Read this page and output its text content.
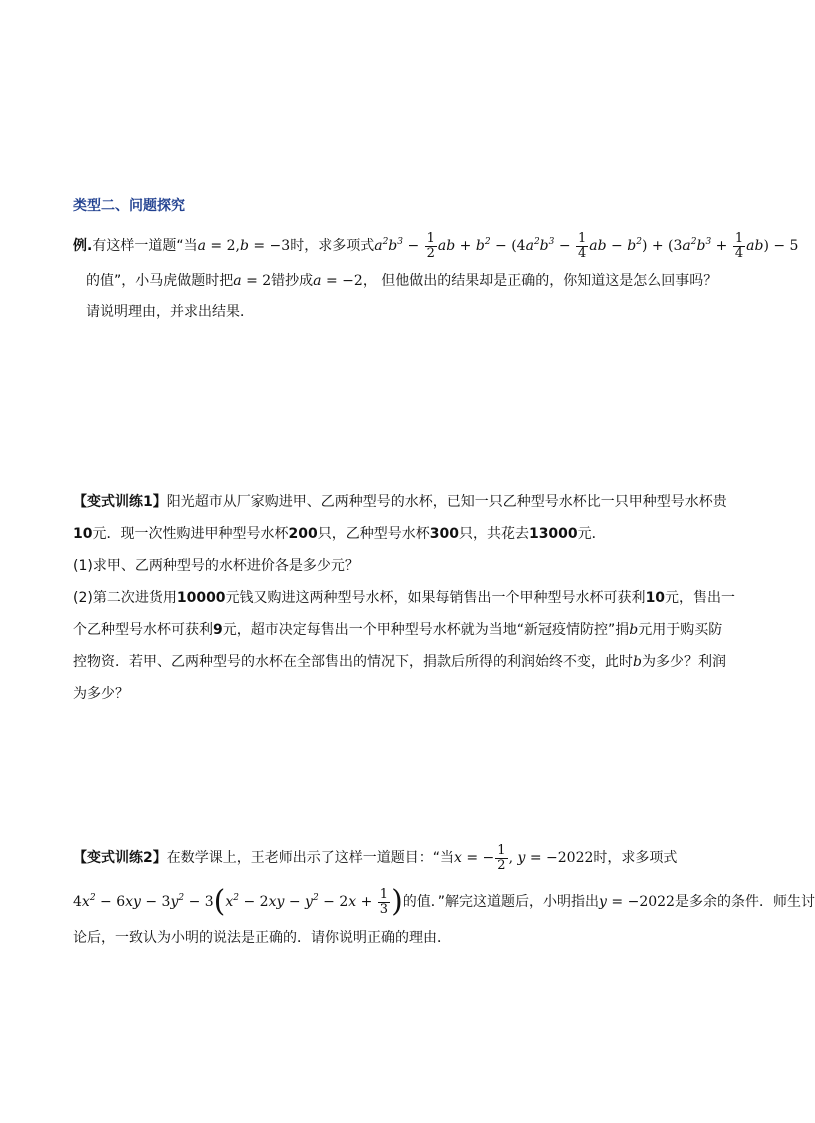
类型二、问题探究
例.有这样一道题“当a = 2,b = −3时，求多项式$a^2b^3 - \frac{1}{2}$ ab + $b^2 - (4a^2b^3 - \frac{1}{4}$ ab − $b^2) + (3a^2b^3 + \frac{1}{4} ab) - 5$
的值”，小马虎做题时把a = 2错抄成a = −2， 但他做出的结果却是正确的，你知道这是怎么回事吗？
请说明理由，并求出结果．
【变式训练1】阳光超市从厂家购进甲、乙两种型号的水杯，已知一只乙种型号水杯比一只甲种型号水杯贵
10元．现一次性购进甲种型号水杯200只，乙种型号水杯300只，共花去13000元．
(1)求甲、乙两种型号的水杯进价各是多少元？
(2)第二次进货用10000元钱又购进这两种型号水杯，如果每销售出一个甲种型号水杯可获利10元，售出一
个乙种型号水杯可获利9元，超市决定每售出一个甲种型号水杯就为当地“新冠疫情防控”捐b元用于购买防
控物资．若甲、乙两种型号的水杯在全部售出的情况下，捐款后所得的利润始终不变，此时b为多少？利润
为多少？
【变式训练2】在数学课上，王老师出示了这样一道题目：“当x = − $\frac{1}{2}$ , y = −2022时，求多项式
$4x^2 - 6xy - 3y^2 - 3(x^2 - 2xy - y^2 - 2x + \frac{1}{3}$ )的值．”解完这道题后，小明指出y = −2022是多余的条件．师生讨
论后，一致认为小明的说法是正确的．请你说明正确的理由．
